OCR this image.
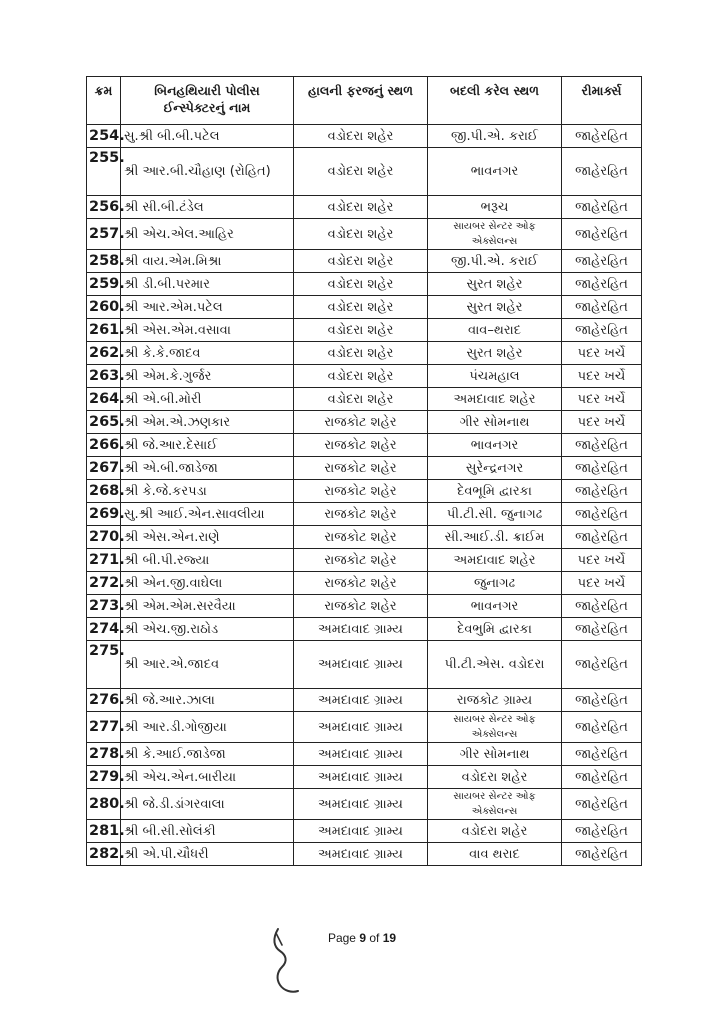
ક્રમ	બિનહથિયારી પોલીસ ઈન્સ્પેક્ટરનું નામ	હાલની ફરજનું સ્થળ	બદલી કરેલ સ્થળ	રીમાર્ક્સ
254.	સુ.શ્રી બી.બી.પટેલ	વડોદરા શહેર	જી.પી.એ. કરાઈ	જાહેરહિત
255.	શ્રી આર.બી.ચૌહાણ (રોહિત)	વડોદરા શહેર	ભાવનગર	જાહેરહિત
256.	શ્રી સી.બી.ટંડેલ	વડોદરા શહેર	ભરૂચ	જાહેરહિત
257.	શ્રી એચ.એલ.આહિર	વડોદરા શહેર	સાયબર સેન્ટર ઓફ એક્સેલન્સ	જાહેરહિત
258.	શ્રી વાય.એમ.મિશ્રા	વડોદરા શહેર	જી.પી.એ. કરાઈ	જાહેરહિત
259.	શ્રી ડી.બી.પરમાર	વડોદરા શહેર	સુરત શહેર	જાહેરહિત
260.	શ્રી આર.એમ.પટેલ	વડોદરા શહેર	સુરત શહેર	જાહેરહિત
261.	શ્રી એસ.એમ.વસાવા	વડોદરા શહેર	વાવ–થરાદ	જાહેરહિત
262.	શ્રી કે.કે.જાદવ	વડોદરા શહેર	સુરત શહેર	પદર ખર્ચે
263.	શ્રી એમ.કે.ગુર્જર	વડોદરા શહેર	પંચમહાલ	પદર ખર્ચે
264.	શ્રી એ.બી.મોરી	વડોદરા શહેર	અમદાવાદ શહેર	પદર ખર્ચે
265.	શ્રી એમ.એ.ઝણકાર	રાજકોટ શહેર	ગીર સોમનાથ	પદર ખર્ચે
266.	શ્રી જે.આર.દેસાઈ	રાજકોટ શહેર	ભાવનગર	જાહેરહિત
267.	શ્રી એ.બી.જાડેજા	રાજકોટ શહેર	સુરેન્દ્રનગર	જાહેરહિત
268.	શ્રી કે.જે.કરપડા	રાજકોટ શહેર	દેવભૂમિ દ્વારકા	જાહેરહિત
269.	સુ.શ્રી આઈ.એન.સાવલીયા	રાજકોટ શહેર	પી.ટી.સી. જુનાગઢ	જાહેરહિત
270.	શ્રી એસ.એન.રાણે	રાજકોટ શહેર	સી.આઈ.ડી. ક્રાઈમ	જાહેરહિત
271.	શ્રી બી.પી.રજ્યા	રાજકોટ શહેર	અમદાવાદ શહેર	પદર ખર્ચે
272.	શ્રી એન.જી.વાઘેલા	રાજકોટ શહેર	જુનાગઢ	પદર ખર્ચે
273.	શ્રી એમ.એમ.સરવૈયા	રાજકોટ શહેર	ભાવનગર	જાહેરહિત
274.	શ્રી એચ.જી.રાઠોડ	અમદાવાદ ગ્રામ્ય	દેવભુમિ દ્વારકા	જાહેરહિત
275.	શ્રી આર.એ.જાદવ	અમદાવાદ ગ્રામ્ય	પી.ટી.એસ. વડોદરા	જાહેરહિત
276.	શ્રી જે.આર.ઝાલા	અમદાવાદ ગ્રામ્ય	રાજકોટ ગ્રામ્ય	જાહેરહિત
277.	શ્રી આર.ડી.ગોજીયા	અમદાવાદ ગ્રામ્ય	સાયબર સેન્ટર ઓફ એક્સેલન્સ	જાહેરહિત
278.	શ્રી કે.આઈ.જાડેજા	અમદાવાદ ગ્રામ્ય	ગીર સોમનાથ	જાહેરહિત
279.	શ્રી એચ.એન.બારીયા	અમદાવાદ ગ્રામ્ય	વડોદરા શહેર	જાહેરહિત
280.	શ્રી જે.ડી.ડાંગરવાલા	અમદાવાદ ગ્રામ્ય	સાયબર સેન્ટર ઓફ એક્સેલન્સ	જાહેરહિત
281.	શ્રી બી.સી.સોલંકી	અમદાવાદ ગ્રામ્ય	વડોદરા શહેર	જાહેરહિત
282.	શ્રી એ.પી.ચૌધરી	અમદાવાદ ગ્રામ્ય	વાવ થરાદ	જાહેરહિત
Page 9 of 19
